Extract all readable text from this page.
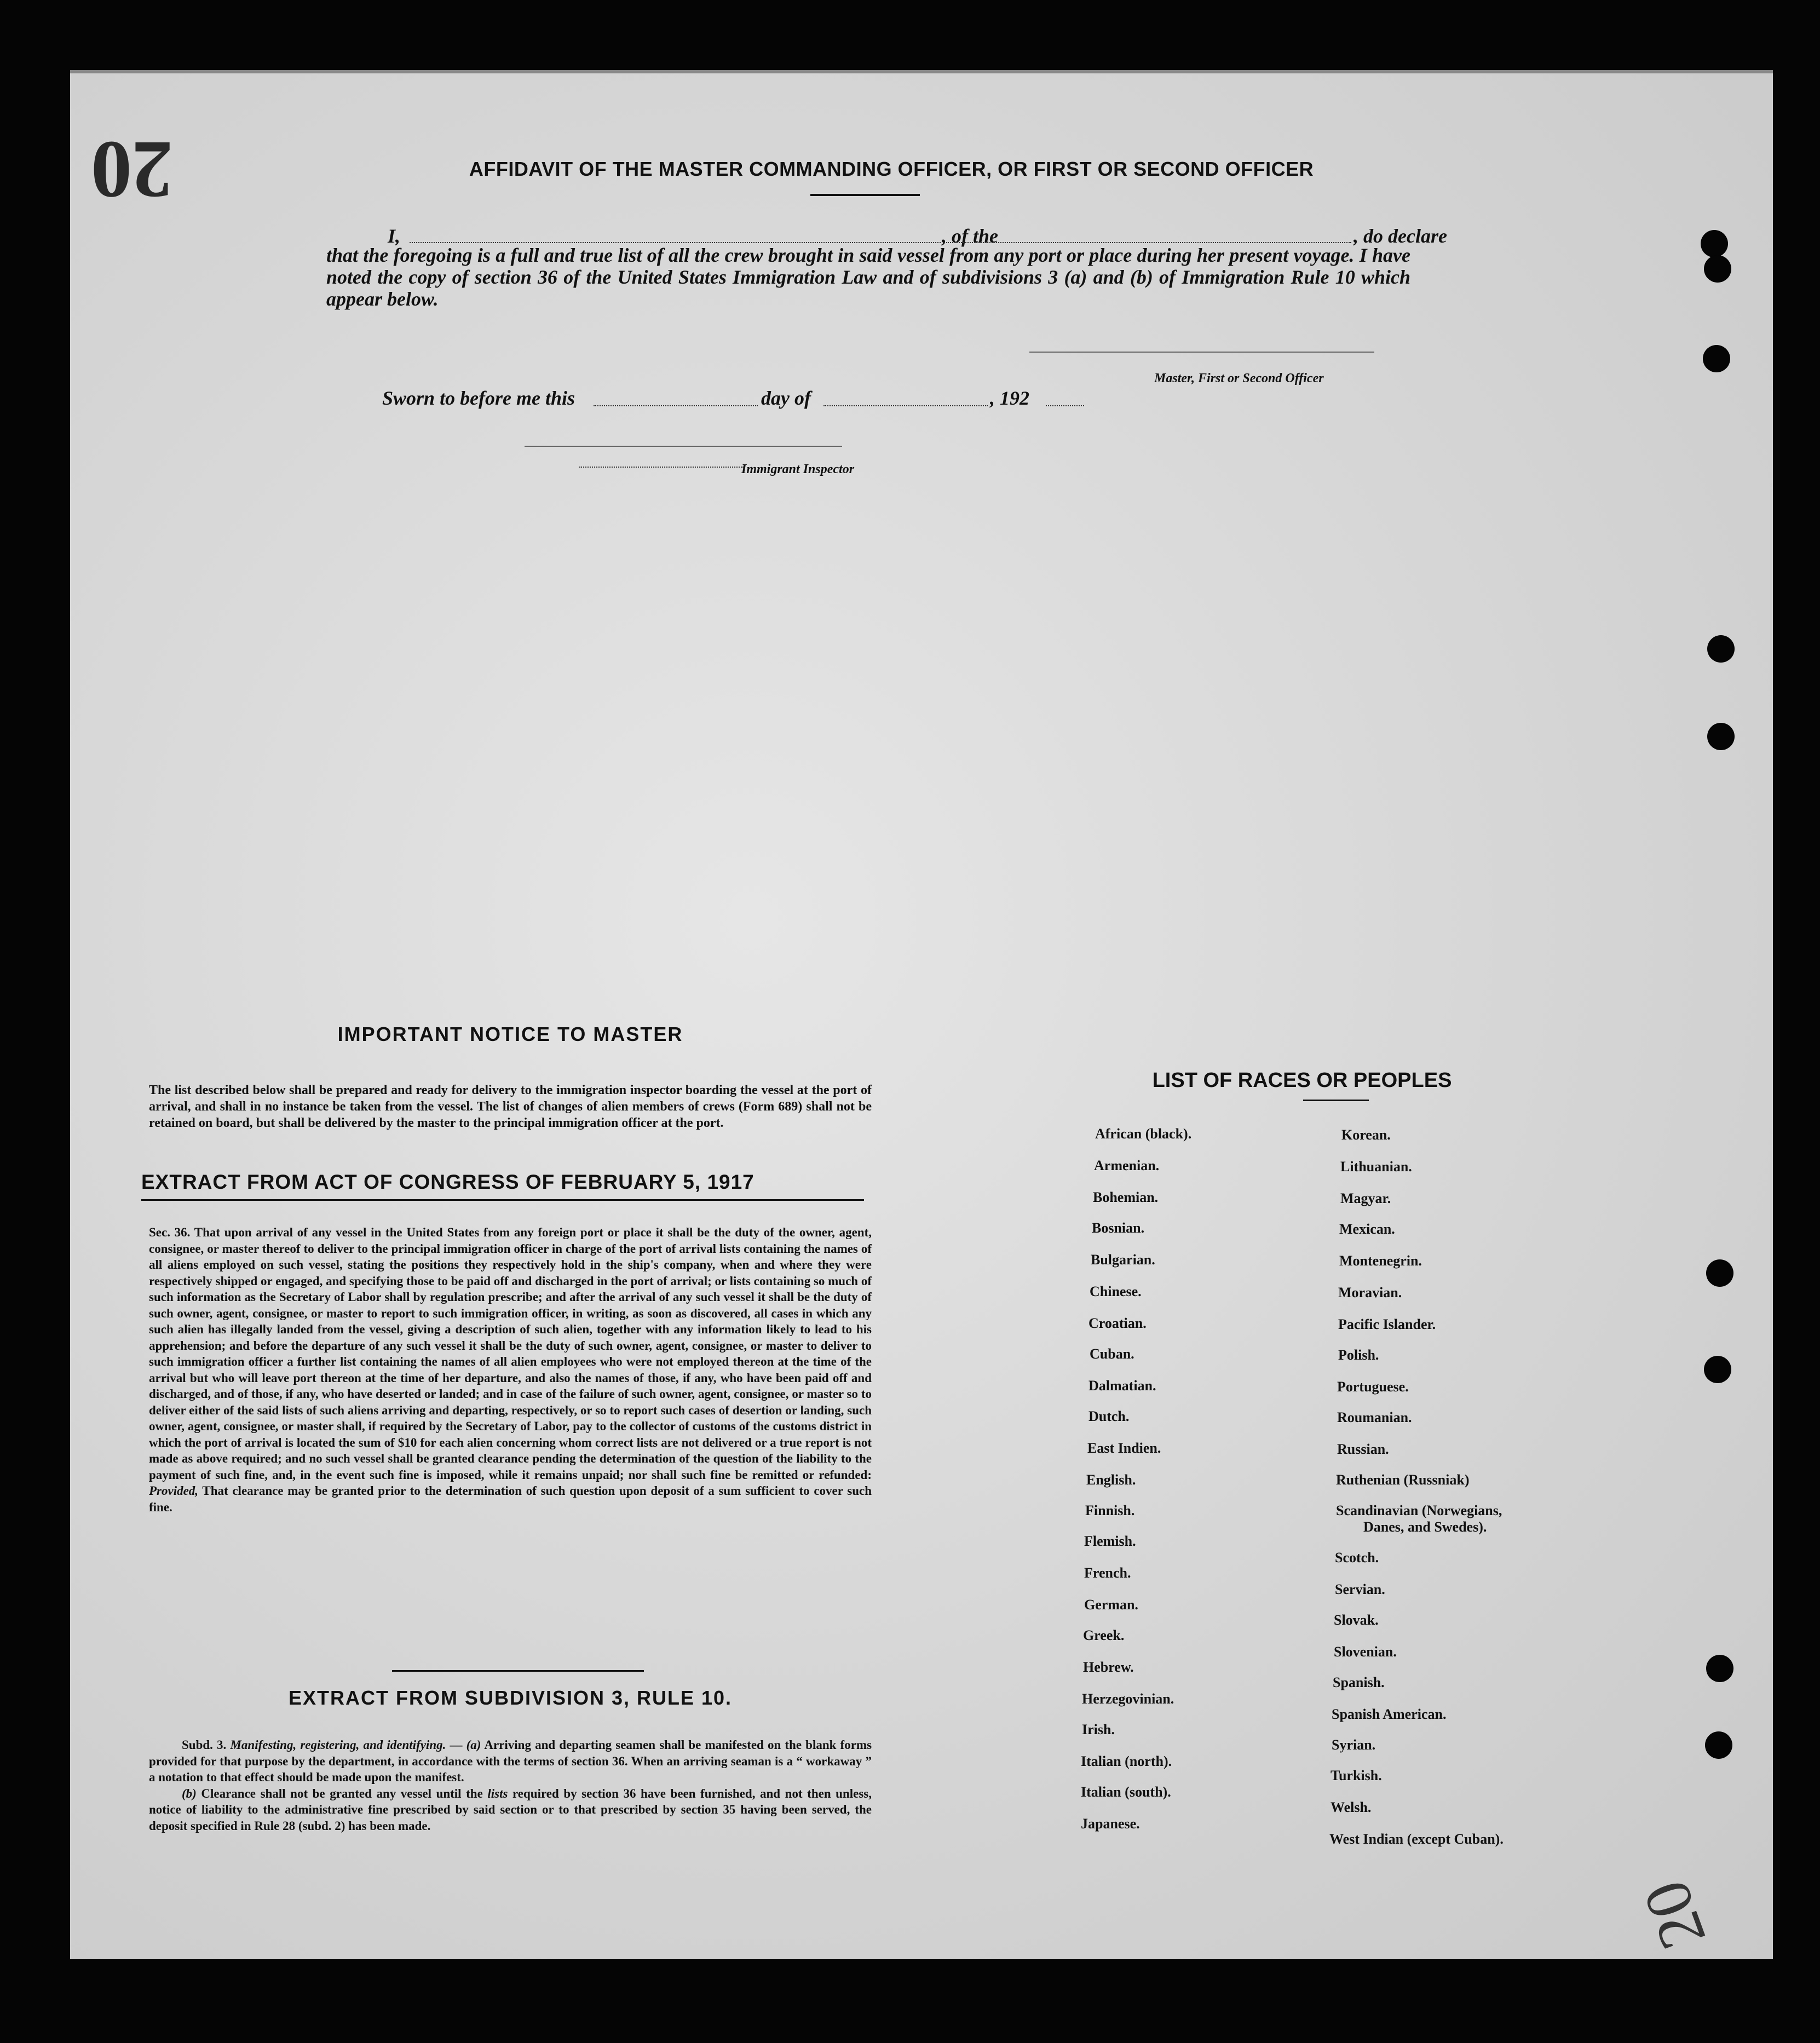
20
20
AFFIDAVIT OF THE MASTER COMMANDING OFFICER, OR FIRST OR SECOND OFFICER
I,	, of the	, do declare
that the foregoing is a full and true list of all the crew brought in said vessel from any port or place during her present voyage. I have noted the copy of section 36 of the United States Immigration Law and of subdivisions 3 (a) and (b) of Immigration Rule 10 which appear below.
Master, First or Second Officer
Sworn to before me this	day of	, 192
Immigrant Inspector
IMPORTANT NOTICE TO MASTER
The list described below shall be prepared and ready for delivery to the immigration inspector boarding the vessel at the port of arrival, and shall in no instance be taken from the vessel. The list of changes of alien members of crews (Form 689) shall not be retained on board, but shall be delivered by the master to the principal immigration officer at the port.
EXTRACT FROM ACT OF CONGRESS OF FEBRUARY 5, 1917
Sec. 36. That upon arrival of any vessel in the United States from any foreign port or place it shall be the duty of the owner, agent, consignee, or master thereof to deliver to the principal immigration officer in charge of the port of arrival lists containing the names of all aliens employed on such vessel, stating the positions they respectively hold in the ship's company, when and where they were respectively shipped or engaged, and specifying those to be paid off and discharged in the port of arrival; or lists containing so much of such information as the Secretary of Labor shall by regulation prescribe; and after the arrival of any such vessel it shall be the duty of such owner, agent, consignee, or master to report to such immigration officer, in writing, as soon as discovered, all cases in which any such alien has illegally landed from the vessel, giving a description of such alien, together with any information likely to lead to his apprehension; and before the departure of any such vessel it shall be the duty of such owner, agent, consignee, or master to deliver to such immigration officer a further list containing the names of all alien employees who were not employed thereon at the time of the arrival but who will leave port thereon at the time of her departure, and also the names of those, if any, who have been paid off and discharged, and of those, if any, who have deserted or landed; and in case of the failure of such owner, agent, consignee, or master so to deliver either of the said lists of such aliens arriving and departing, respectively, or so to report such cases of desertion or landing, such owner, agent, consignee, or master shall, if required by the Secretary of Labor, pay to the collector of customs of the customs district in which the port of arrival is located the sum of $10 for each alien concerning whom correct lists are not delivered or a true report is not made as above required; and no such vessel shall be granted clearance pending the determination of the question of the liability to the payment of such fine, and, in the event such fine is imposed, while it remains unpaid; nor shall such fine be remitted or refunded: Provided, That clearance may be granted prior to the determination of such question upon deposit of a sum sufficient to cover such fine.
EXTRACT FROM SUBDIVISION 3, RULE 10.
Subd. 3. Manifesting, registering, and identifying. — (a) Arriving and departing seamen shall be manifested on the blank forms provided for that purpose by the department, in accordance with the terms of section 36. When an arriving seaman is a “ workaway ” a notation to that effect should be made upon the manifest.
(b) Clearance shall not be granted any vessel until the lists required by section 36 have been furnished, and not then unless, notice of liability to the administrative fine prescribed by said section or to that prescribed by section 35 having been served, the deposit specified in Rule 28 (subd. 2) has been made.
LIST OF RACES OR PEOPLES
African (black).
Armenian.
Bohemian.
Bosnian.
Bulgarian.
Chinese.
Croatian.
Cuban.
Dalmatian.
Dutch.
East Indien.
English.
Finnish.
Flemish.
French.
German.
Greek.
Hebrew.
Herzegovinian.
Irish.
Italian (north).
Italian (south).
Japanese.
Korean.
Lithuanian.
Magyar.
Mexican.
Montenegrin.
Moravian.
Pacific Islander.
Polish.
Portuguese.
Roumanian.
Russian.
Ruthenian (Russniak)
Scandinavian (Norwegians,
Danes, and Swedes).
Scotch.
Servian.
Slovak.
Slovenian.
Spanish.
Spanish American.
Syrian.
Turkish.
Welsh.
West Indian (except Cuban).
